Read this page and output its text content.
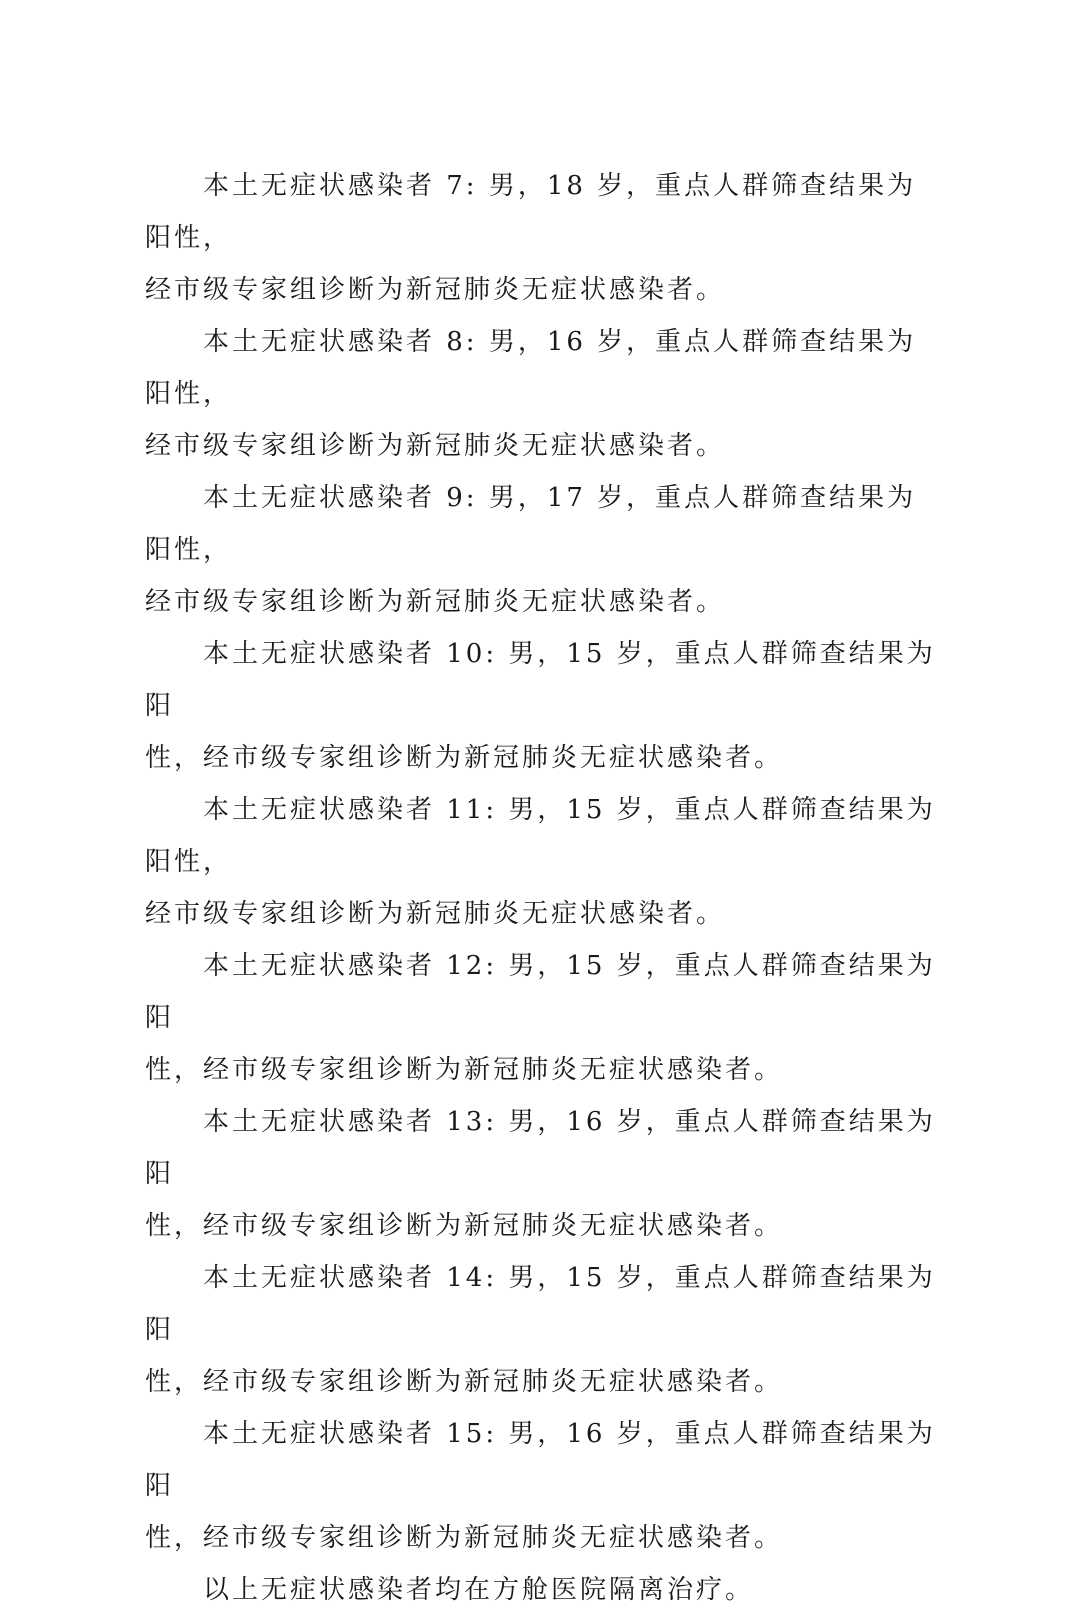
本土无症状感染者 7: 男，18 岁，重点人群筛查结果为阳性，
经市级专家组诊断为新冠肺炎无症状感染者。

本土无症状感染者 8: 男，16 岁，重点人群筛查结果为阳性，
经市级专家组诊断为新冠肺炎无症状感染者。

本土无症状感染者 9: 男，17 岁，重点人群筛查结果为阳性，
经市级专家组诊断为新冠肺炎无症状感染者。

本土无症状感染者 10: 男，15 岁，重点人群筛查结果为阳
性，经市级专家组诊断为新冠肺炎无症状感染者。

本土无症状感染者 11: 男，15 岁，重点人群筛查结果为阳性，
经市级专家组诊断为新冠肺炎无症状感染者。

本土无症状感染者 12: 男，15 岁，重点人群筛查结果为阳
性，经市级专家组诊断为新冠肺炎无症状感染者。

本土无症状感染者 13: 男，16 岁，重点人群筛查结果为阳
性，经市级专家组诊断为新冠肺炎无症状感染者。

本土无症状感染者 14: 男，15 岁，重点人群筛查结果为阳
性，经市级专家组诊断为新冠肺炎无症状感染者。

本土无症状感染者 15: 男，16 岁，重点人群筛查结果为阳
性，经市级专家组诊断为新冠肺炎无症状感染者。

以上无症状感染者均在方舱医院隔离治疗。
